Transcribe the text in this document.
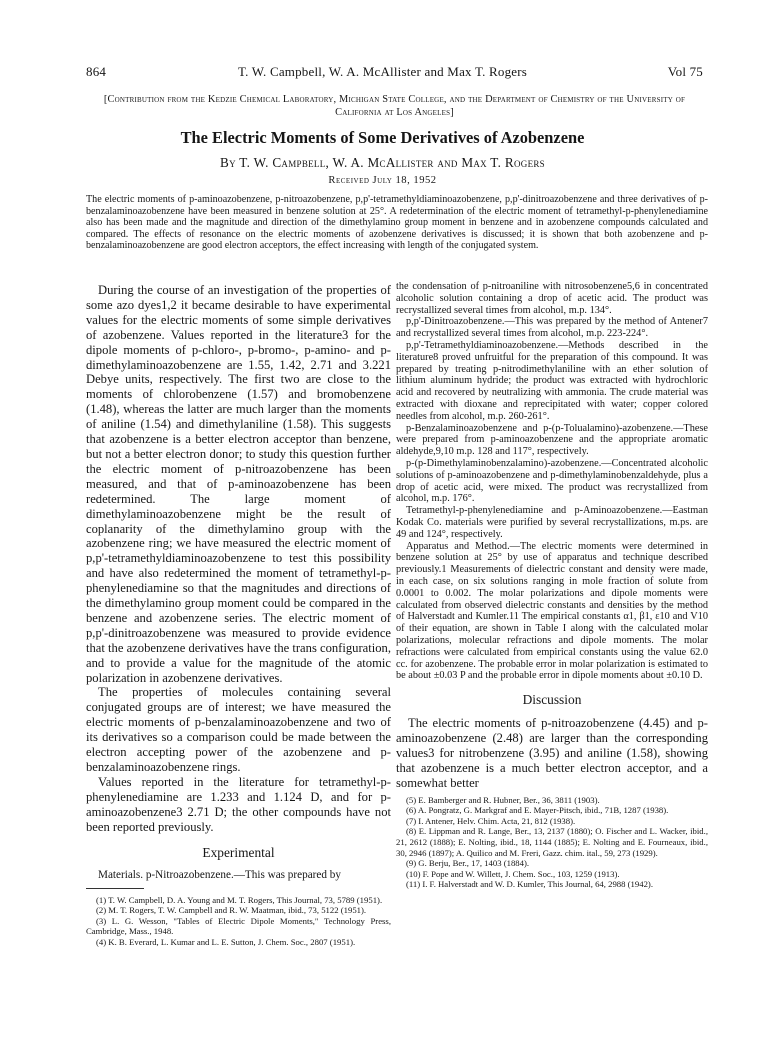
864	T. W. Campbell, W. A. McAllister and Max T. Rogers	Vol 75
[Contribution from the Kedzie Chemical Laboratory, Michigan State College, and the Department of Chemistry of the University of California at Los Angeles]
The Electric Moments of Some Derivatives of Azobenzene
By T. W. Campbell, W. A. McAllister and Max T. Rogers
Received July 18, 1952

The electric moments of p-aminoazobenzene, p-nitroazobenzene, p,p'-tetramethyldiaminoazobenzene, p,p'-dinitroazobenzene and three derivatives of p-benzalaminoazobenzene have been measured in benzene solution at 25°. A redetermination of the electric moment of tetramethyl-p-phenylenediamine also has been made and the magnitude and direction of the dimethylamino group moment in benzene and in azobenzene compounds calculated and compared. The effects of resonance on the electric moments of azobenzene derivatives is discussed; it is shown that both azobenzene and p-benzalaminoazobenzene are good electron acceptors, the effect increasing with length of the conjugated system.

During the course of an investigation of the properties of some azo dyes1,2 it became desirable to have experimental values for the electric moments of some simple derivatives of azobenzene. Values reported in the literature3 for the dipole moments of p-chloro-, p-bromo-, p-amino- and p-dimethylaminoazobenzene are 1.55, 1.42, 2.71 and 3.221 Debye units, respectively. The first two are close to the moments of chlorobenzene (1.57) and bromobenzene (1.48), whereas the latter are much larger than the moments of aniline (1.54) and dimethylaniline (1.58). This suggests that azobenzene is a better electron acceptor than benzene, but not a better electron donor; to study this question further the electric moment of p-nitroazobenzene has been measured, and that of p-aminoazobenzene has been redetermined. The large moment of dimethylaminoazobenzene might be the result of coplanarity of the dimethylamino group with the azobenzene ring; we have measured the electric moment of p,p'-tetramethyldiaminoazobenzene to test this possibility and have also redetermined the moment of tetramethyl-p-phenylenediamine so that the magnitudes and directions of the dimethylamino group moment could be compared in the benzene and azobenzene series. The electric moment of p,p'-dinitroazobenzene was measured to provide evidence that the azobenzene derivatives have the trans configuration, and to provide a value for the magnitude of the atomic polarization in azobenzene derivatives.

The properties of molecules containing several conjugated groups are of interest; we have measured the electric moments of p-benzalaminoazobenzene and two of its derivatives so a comparison could be made between the electron accepting power of the azobenzene and p-benzalaminoazobenzene rings.

Values reported in the literature for tetramethyl-p-phenylenediamine are 1.233 and 1.124 D, and for p-aminoazobenzene3 2.71 D; the other compounds have not been reported previously.

Experimental

Materials. p-Nitroazobenzene.—This was prepared by

(1) T. W. Campbell, D. A. Young and M. T. Rogers, This Journal, 73, 5789 (1951).
(2) M. T. Rogers, T. W. Campbell and R. W. Maatman, ibid., 73, 5122 (1951).
(3) L. G. Wesson, "Tables of Electric Dipole Moments," Technology Press, Cambridge, Mass., 1948.
(4) K. B. Everard, L. Kumar and L. E. Sutton, J. Chem. Soc., 2807 (1951).

the condensation of p-nitroaniline with nitrosobenzene5,6 in concentrated alcoholic solution containing a drop of acetic acid. The product was recrystallized several times from alcohol, m.p. 134°.

p,p'-Dinitroazobenzene.—This was prepared by the method of Antener7 and recrystallized several times from alcohol, m.p. 223-224°.

p,p'-Tetramethyldiaminoazobenzene.—Methods described in the literature8 proved unfruitful for the preparation of this compound. It was prepared by treating p-nitrodimethylaniline with an ether solution of lithium aluminum hydride; the product was extracted with hydrochloric acid and recovered by neutralizing with ammonia. The crude material was extracted with dioxane and reprecipitated with water; copper colored needles from alcohol, m.p. 260-261°.

p-Benzalaminoazobenzene and p-(p-Tolualamino)-azobenzene.—These were prepared from p-aminoazobenzene and the appropriate aromatic aldehyde,9,10 m.p. 128 and 117°, respectively.

p-(p-Dimethylaminobenzalamino)-azobenzene.—Concentrated alcoholic solutions of p-aminoazobenzene and p-dimethylaminobenzaldehyde, plus a drop of acetic acid, were mixed. The product was recrystallized from alcohol, m.p. 176°.

Tetramethyl-p-phenylenediamine and p-Aminoazobenzene.—Eastman Kodak Co. materials were purified by several recrystallizations, m.ps. are 49 and 124°, respectively.

Apparatus and Method.—The electric moments were determined in benzene solution at 25° by use of apparatus and technique described previously.1 Measurements of dielectric constant and density were made, in each case, on six solutions ranging in mole fraction of solute from 0.0001 to 0.002. The molar polarizations and dipole moments were calculated from observed dielectric constants and densities by the method of Halverstadt and Kumler.11 The empirical constants α1, β1, ε10 and V10 of their equation, are shown in Table I along with the calculated molar polarizations, molecular refractions and dipole moments. The molar refractions were calculated from empirical constants using the value 62.0 cc. for azobenzene. The probable error in molar polarization is estimated to be about ±0.03 P and the probable error in dipole moments about ±0.10 D.

Discussion

The electric moments of p-nitroazobenzene (4.45) and p-aminoazobenzene (2.48) are larger than the corresponding values3 for nitrobenzene (3.95) and aniline (1.58), showing that azobenzene is a much better electron acceptor, and a somewhat better

(5) E. Bamberger and R. Hubner, Ber., 36, 3811 (1903).
(6) A. Pongratz, G. Markgraf and E. Mayer-Pitsch, ibid., 71B, 1287 (1938).
(7) I. Antener, Helv. Chim. Acta, 21, 812 (1938).
(8) E. Lippman and R. Lange, Ber., 13, 2137 (1880); O. Fischer and L. Wacker, ibid., 21, 2612 (1888); E. Nolting, ibid., 18, 1144 (1885); E. Nolting and E. Fourneaux, ibid., 30, 2946 (1897); A. Quilico and M. Freri, Gazz. chim. ital., 59, 273 (1929).
(9) G. Berju, Ber., 17, 1403 (1884).
(10) F. Pope and W. Willett, J. Chem. Soc., 103, 1259 (1913).
(11) I. F. Halverstadt and W. D. Kumler, This Journal, 64, 2988 (1942).
